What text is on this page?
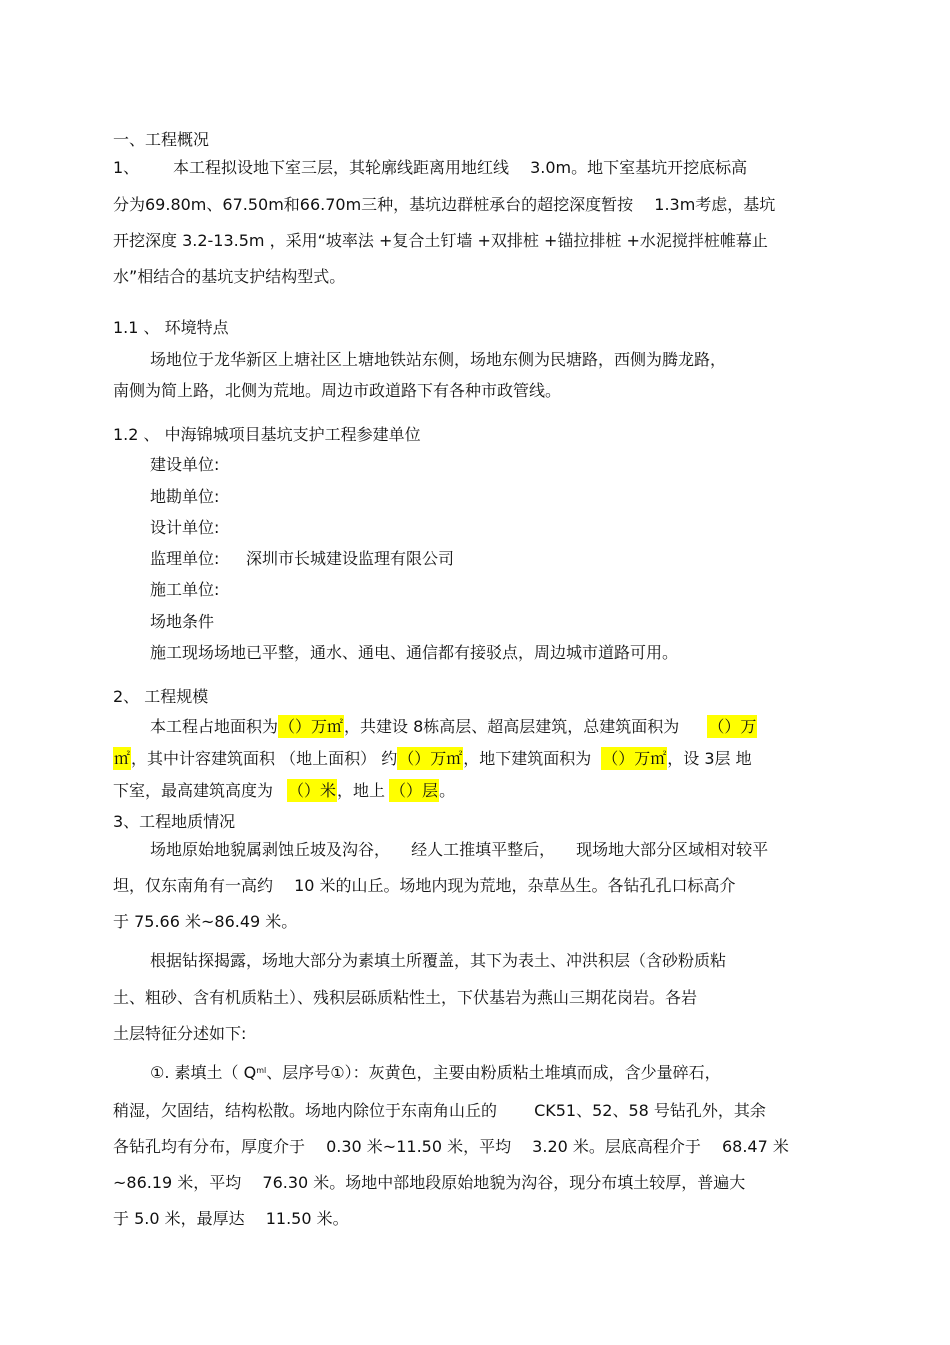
一、工程概况
1、 本工程拟设地下室三层，其轮廓线距离用地红线 　3.0m。地下室基坑开挖底标高
分为69.80m、67.50m和66.70m三种，基坑边群桩承台的超挖深度暂按 　1.3m考虑，基坑
开挖深度 3.2-13.5m ，采用“坡率法 +复合土钉墙 +双排桩 +锚拉排桩 +水泥搅拌桩帷幕止
水”相结合的基坑支护结构型式。
1.1 、 环境特点
场地位于龙华新区上塘社区上塘地铁站东侧，场地东侧为民塘路，西侧为腾龙路，
南侧为简上路，北侧为荒地。周边市政道路下有各种市政管线。
1.2 、 中海锦城项目基坑支护工程参建单位
建设单位:
地勘单位:
设计单位:
监理单位: 深圳市长城建设监理有限公司
施工单位:
场地条件
施工现场场地已平整，通水、通电、通信都有接驳点，周边城市道路可用。
2、 工程规模
本工程占地面积为（）万㎡，共建设 8栋高层、超高层建筑，总建筑面积为 （）万
㎡，其中计容建筑面积 （地上面积） 约（）万㎡，地下建筑面积为 （）万㎡，设 3层 地
下室，最高建筑高度为 （）米，地上 （）层。
3、工程地质情况
场地原始地貌属剥蚀丘坡及沟谷， 　经人工推填平整后， 　现场地大部分区域相对较平
坦，仅东南角有一高约 　10 米的山丘。场地内现为荒地，杂草丛生。各钻孔孔口标高介
于 75.66 米~86.49 米。
根据钻探揭露，场地大部分为素填土所覆盖，其下为表土、冲洪积层（含砂粉质粘
土、粗砂、含有机质粘土）、残积层砾质粘性土，下伏基岩为燕山三期花岗岩。各岩
土层特征分述如下:
①. 素填土（ $Q^{ml}$、层序号①）：灰黄色，主要由粉质粘土堆填而成，含少量碎石，
稍湿，欠固结，结构松散。场地内除位于东南角山丘的 　　CK51、52、58 号钻孔外，其余
各钻孔均有分布，厚度介于 　0.30 米~11.50 米，平均 　3.20 米。层底高程介于 　68.47 米
~86.19 米，平均 　76.30 米。场地中部地段原始地貌为沟谷，现分布填土较厚，普遍大
于 5.0 米，最厚达 　11.50 米。
